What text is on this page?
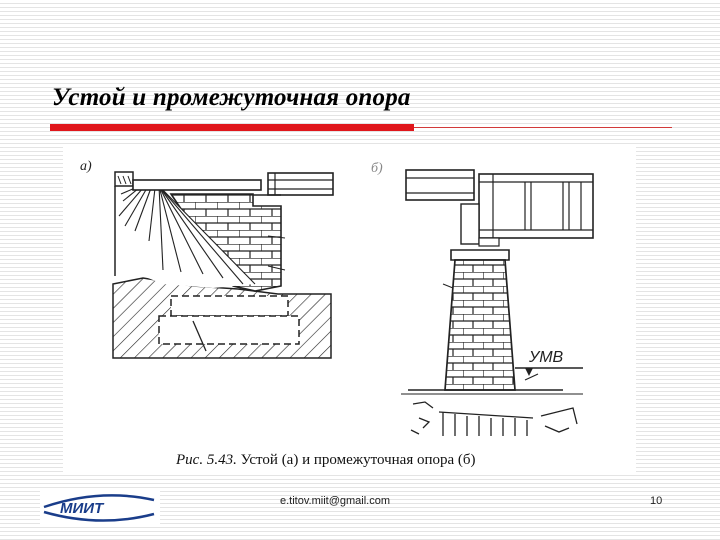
Устой и промежуточная опора
а)	б)
УМВ
Рис. 5.43. Устой (а) и промежуточная опора (б)
МИИТ	e.titov.miit@gmail.com	10
